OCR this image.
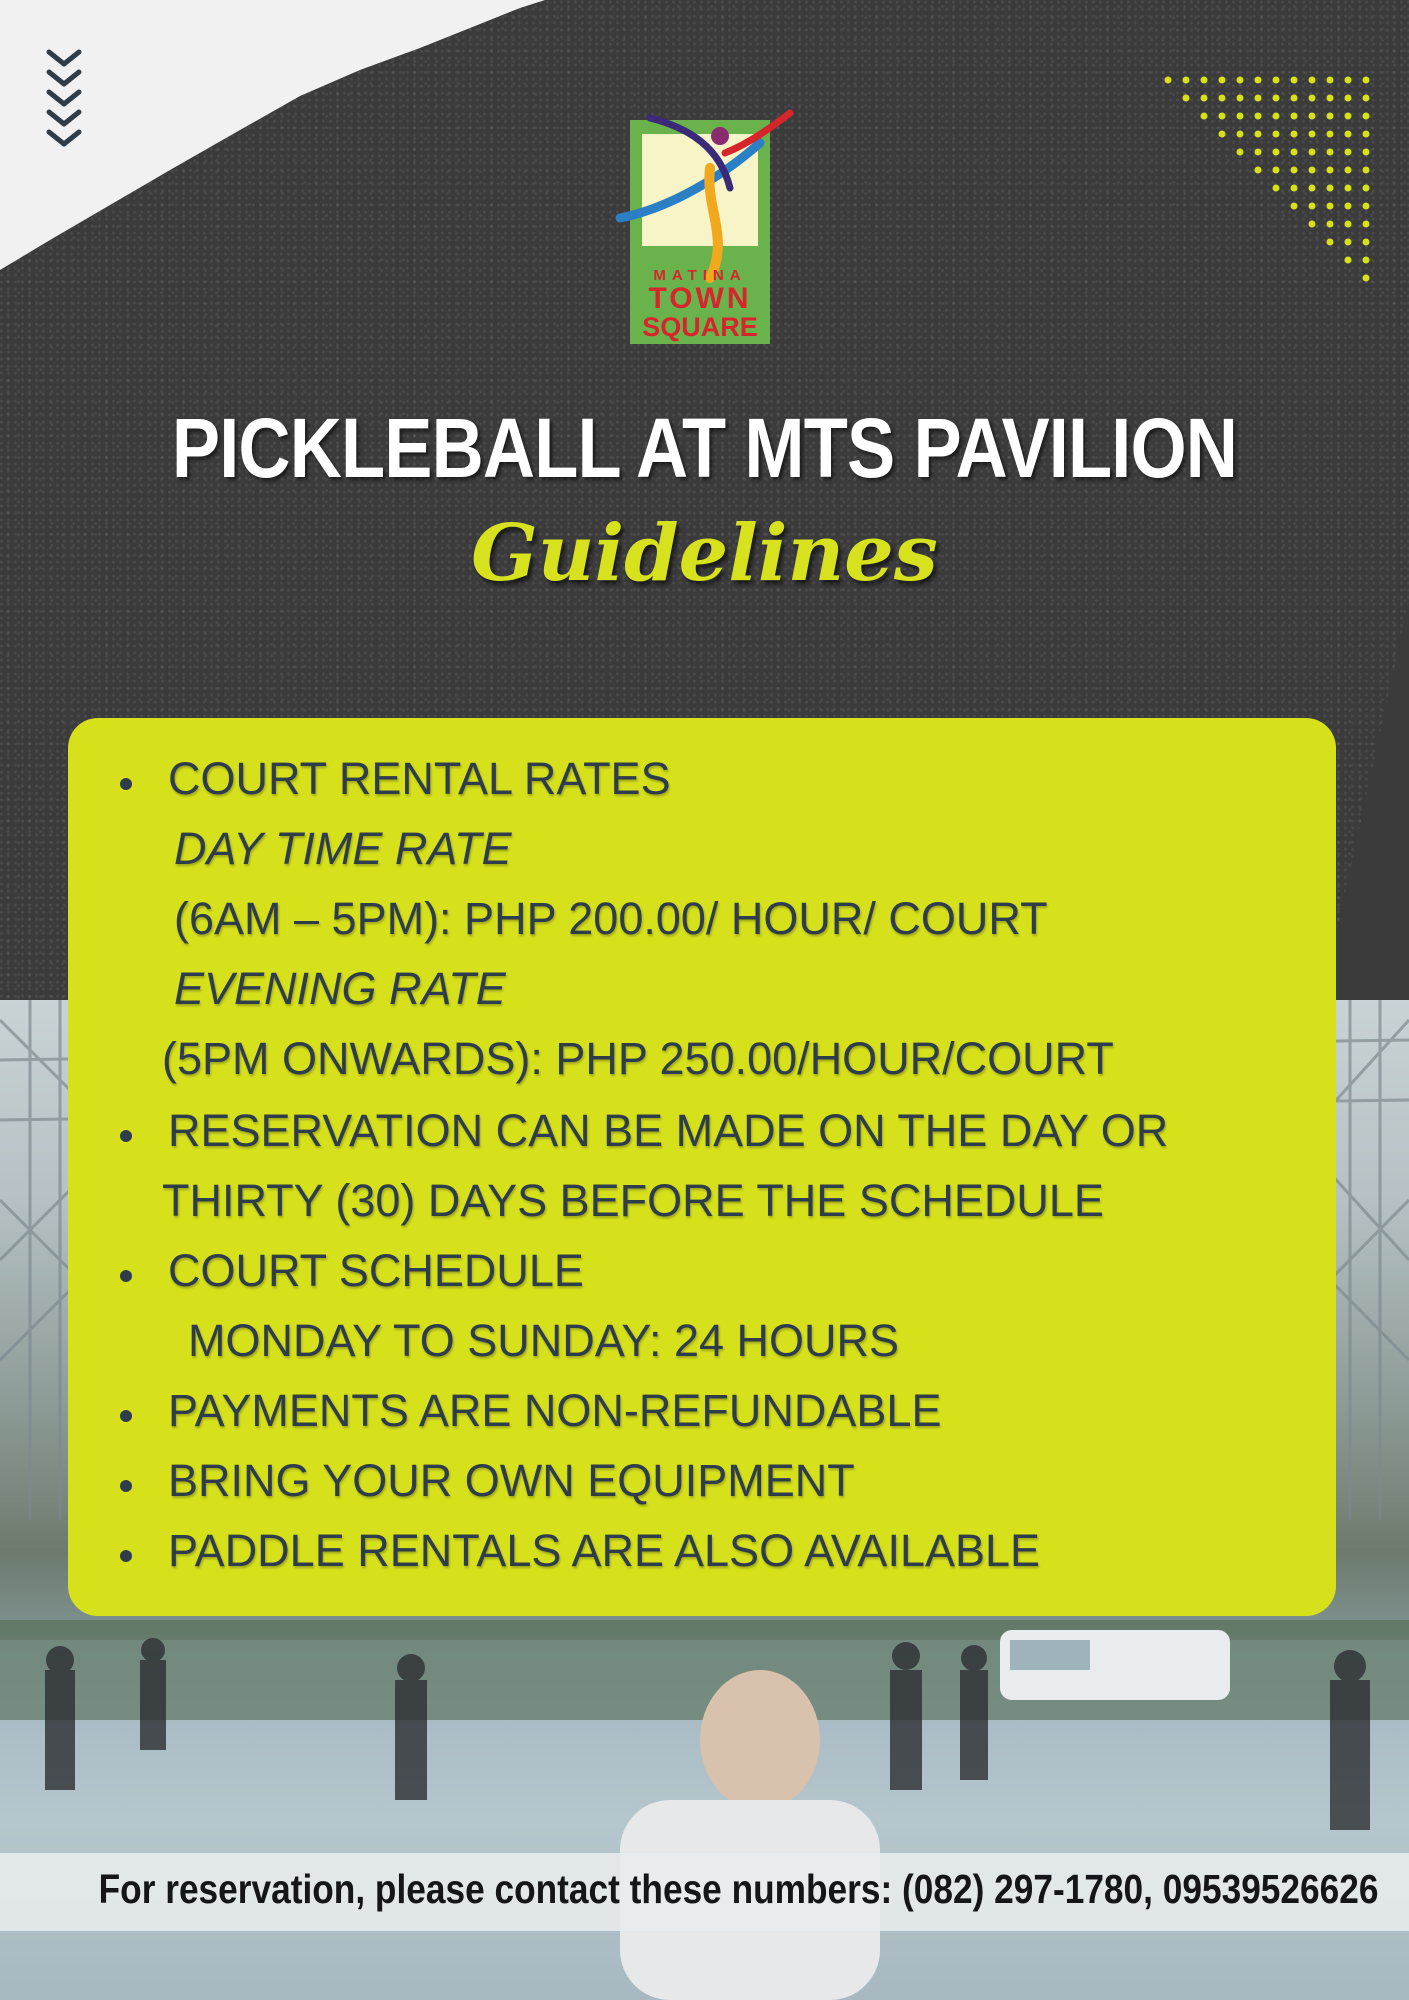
MATINA
TOWN
SQUARE
PICKLEBALL AT MTS PAVILION
Guidelines
COURT RENTAL RATES
DAY TIME RATE
(6AM – 5PM): PHP 200.00/ HOUR/ COURT
EVENING RATE
(5PM ONWARDS): PHP 250.00/HOUR/COURT
RESERVATION CAN BE MADE ON THE DAY OR
THIRTY (30) DAYS BEFORE THE SCHEDULE
COURT SCHEDULE
MONDAY TO SUNDAY: 24 HOURS
PAYMENTS ARE NON-REFUNDABLE
BRING YOUR OWN EQUIPMENT
PADDLE RENTALS ARE ALSO AVAILABLE
For reservation, please contact these numbers: (082) 297-1780, 09539526626
